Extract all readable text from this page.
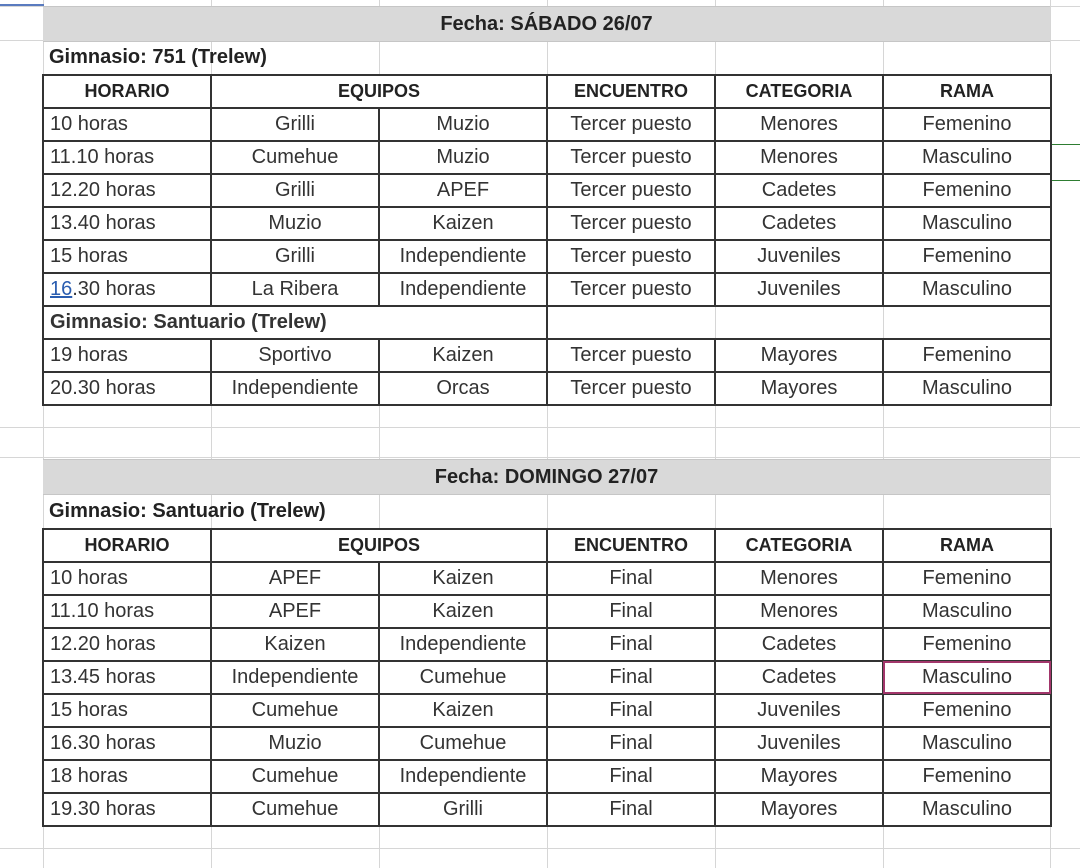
Fecha: SÁBADO 26/07
Gimnasio: 751 (Trelew)
HORARIO	EQUIPOS		ENCUENTRO	CATEGORIA	RAMA
10 horas	Grilli	Muzio	Tercer puesto	Menores	Femenino
11.10 horas	Cumehue	Muzio	Tercer puesto	Menores	Masculino
12.20 horas	Grilli	APEF	Tercer puesto	Cadetes	Femenino
13.40 horas	Muzio	Kaizen	Tercer puesto	Cadetes	Masculino
15 horas	Grilli	Independiente	Tercer puesto	Juveniles	Femenino
16.30 horas	La Ribera	Independiente	Tercer puesto	Juveniles	Masculino
Gimnasio: Santuario (Trelew)					
19 horas	Sportivo	Kaizen	Tercer puesto	Mayores	Femenino
20.30 horas	Independiente	Orcas	Tercer puesto	Mayores	Masculino
Fecha: DOMINGO 27/07
Gimnasio: Santuario (Trelew)
HORARIO	EQUIPOS		ENCUENTRO	CATEGORIA	RAMA
10 horas	APEF	Kaizen	Final	Menores	Femenino
11.10 horas	APEF	Kaizen	Final	Menores	Masculino
12.20 horas	Kaizen	Independiente	Final	Cadetes	Femenino
13.45 horas	Independiente	Cumehue	Final	Cadetes	Masculino
15 horas	Cumehue	Kaizen	Final	Juveniles	Femenino
16.30 horas	Muzio	Cumehue	Final	Juveniles	Masculino
18 horas	Cumehue	Independiente	Final	Mayores	Femenino
19.30 horas	Cumehue	Grilli	Final	Mayores	Masculino
